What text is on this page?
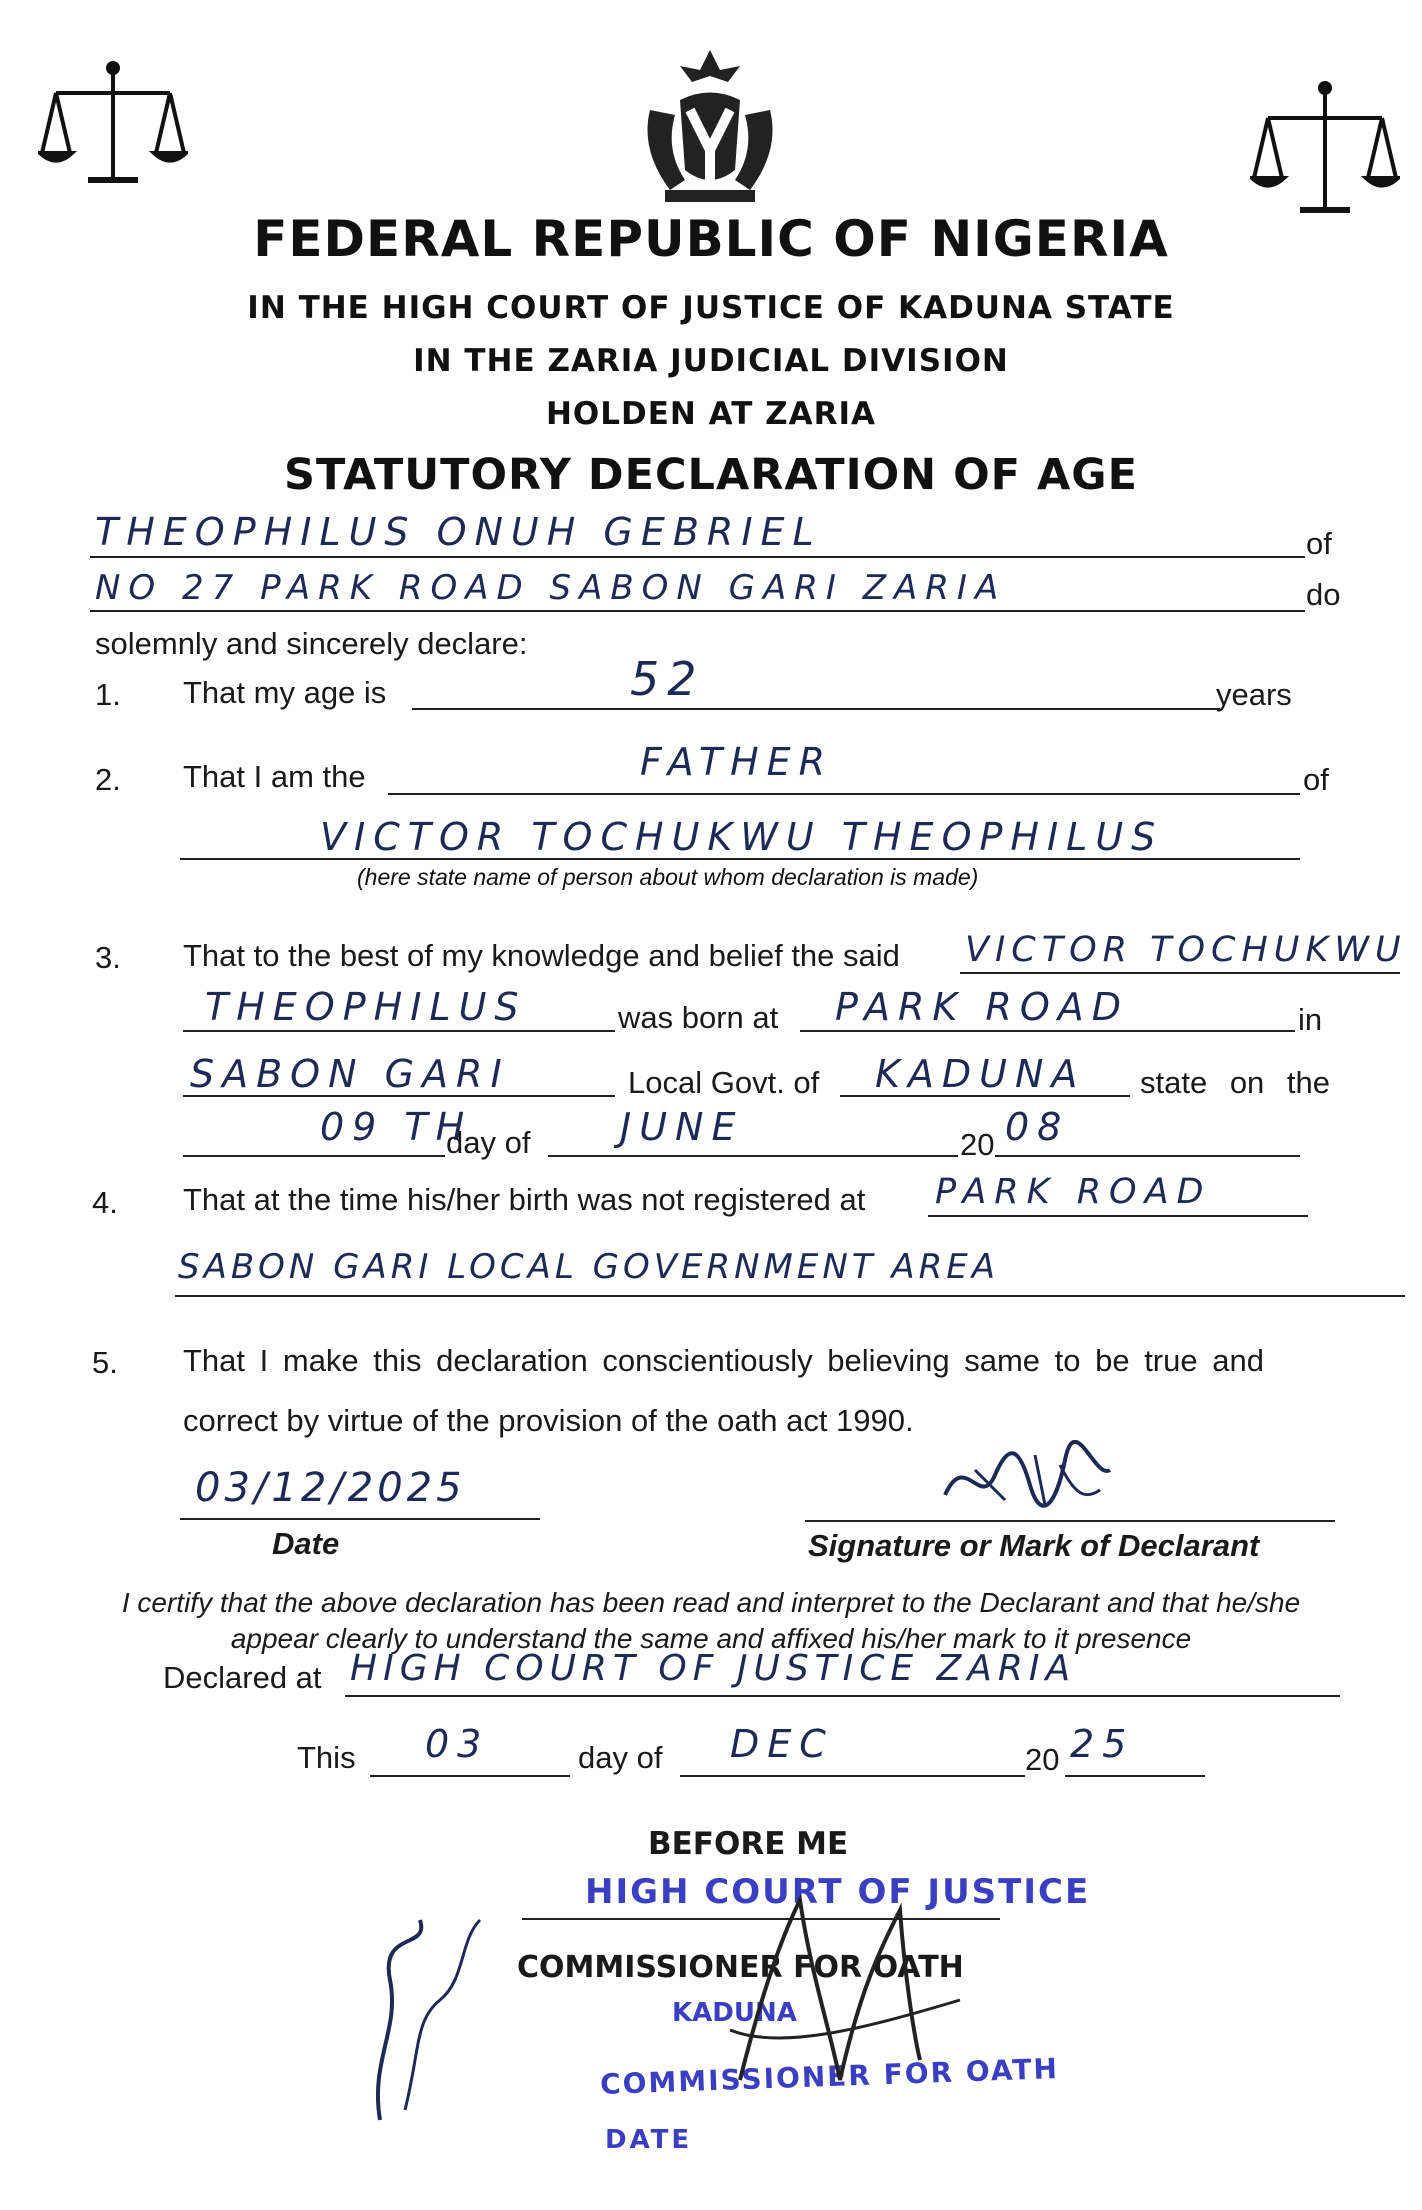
FEDERAL REPUBLIC OF NIGERIA
IN THE HIGH COURT OF JUSTICE OF KADUNA STATE
IN THE ZARIA JUDICIAL DIVISION
HOLDEN AT ZARIA
STATUTORY DECLARATION OF AGE
THEOPHILUS ONUH GEBRIEL	of
NO 27 PARK ROAD SABON GARI ZARIA	do
solemnly and sincerely declare:
1. That my age is	52	years
2. That I am the	FATHER	of
VICTOR TOCHUKWU THEOPHILUS
(here state name of person about whom declaration is made)
3. That to the best of my knowledge and belief the said VICTOR TOCHUKWU
THEOPHILUS	was born at PARK ROAD	in
SABON GARI	Local Govt. of KADUNA state on the
09 TH
day of JUNE	20 08
4. That at the time his/her birth was not registered at PARK ROAD
SABON GARI LOCAL GOVERNMENT AREA
5. That I make this declaration conscientiously believing same to be true and
correct by virtue of the provision of the oath act 1990.
03/12/2025
Date	Signature or Mark of Declarant
I certify that the above declaration has been read and interpret to the Declarant and that he/she
appear clearly to understand the same and affixed his/her mark to it presence
Declared at HIGH COURT OF JUSTICE ZARIA
This 03	day of DEC	20 25
BEFORE ME
HIGH COURT OF JUSTICE
COMMISSIONER FOR OATH
KADUNA
COMMISSIONER FOR OATH
DATE
